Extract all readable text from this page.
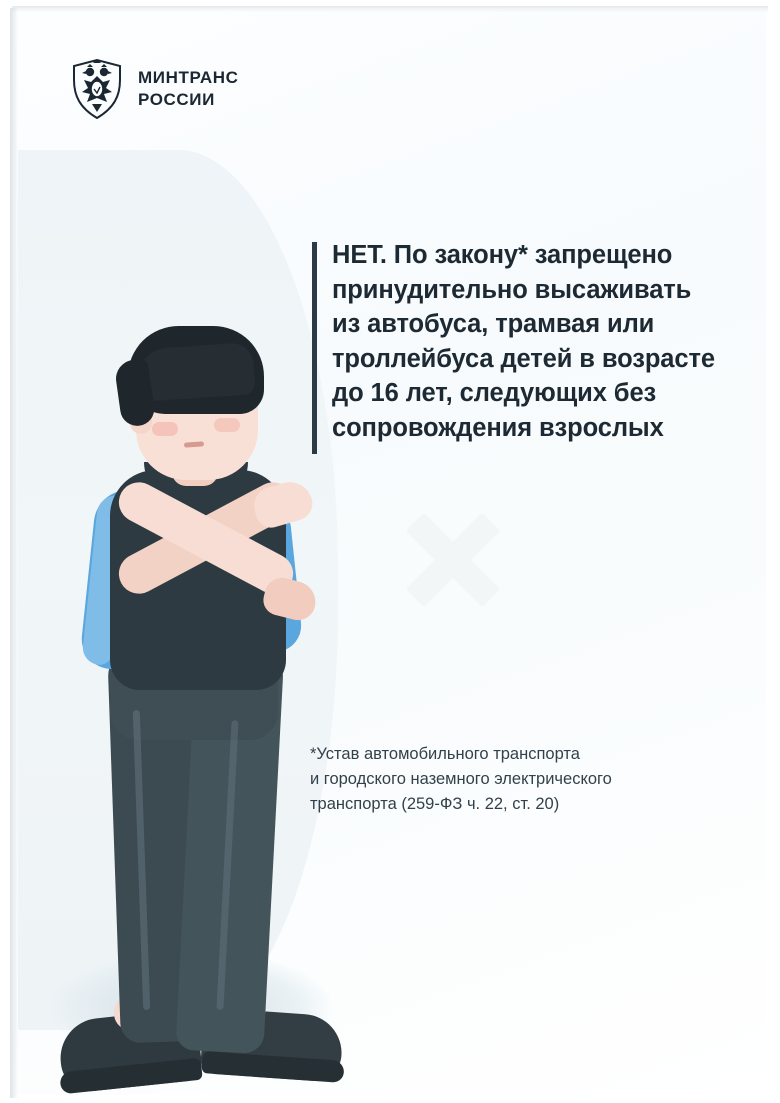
МИНТРАНС
РОССИИ
НЕТ. По закону* запрещено
принудительно высаживать
из автобуса, трамвая или
троллейбуса детей в возрасте
до 16 лет, следующих без
сопровождения взрослых
*Устав автомобильного транспорта
и городского наземного электрического
транспорта (259-ФЗ ч. 22, ст. 20)
